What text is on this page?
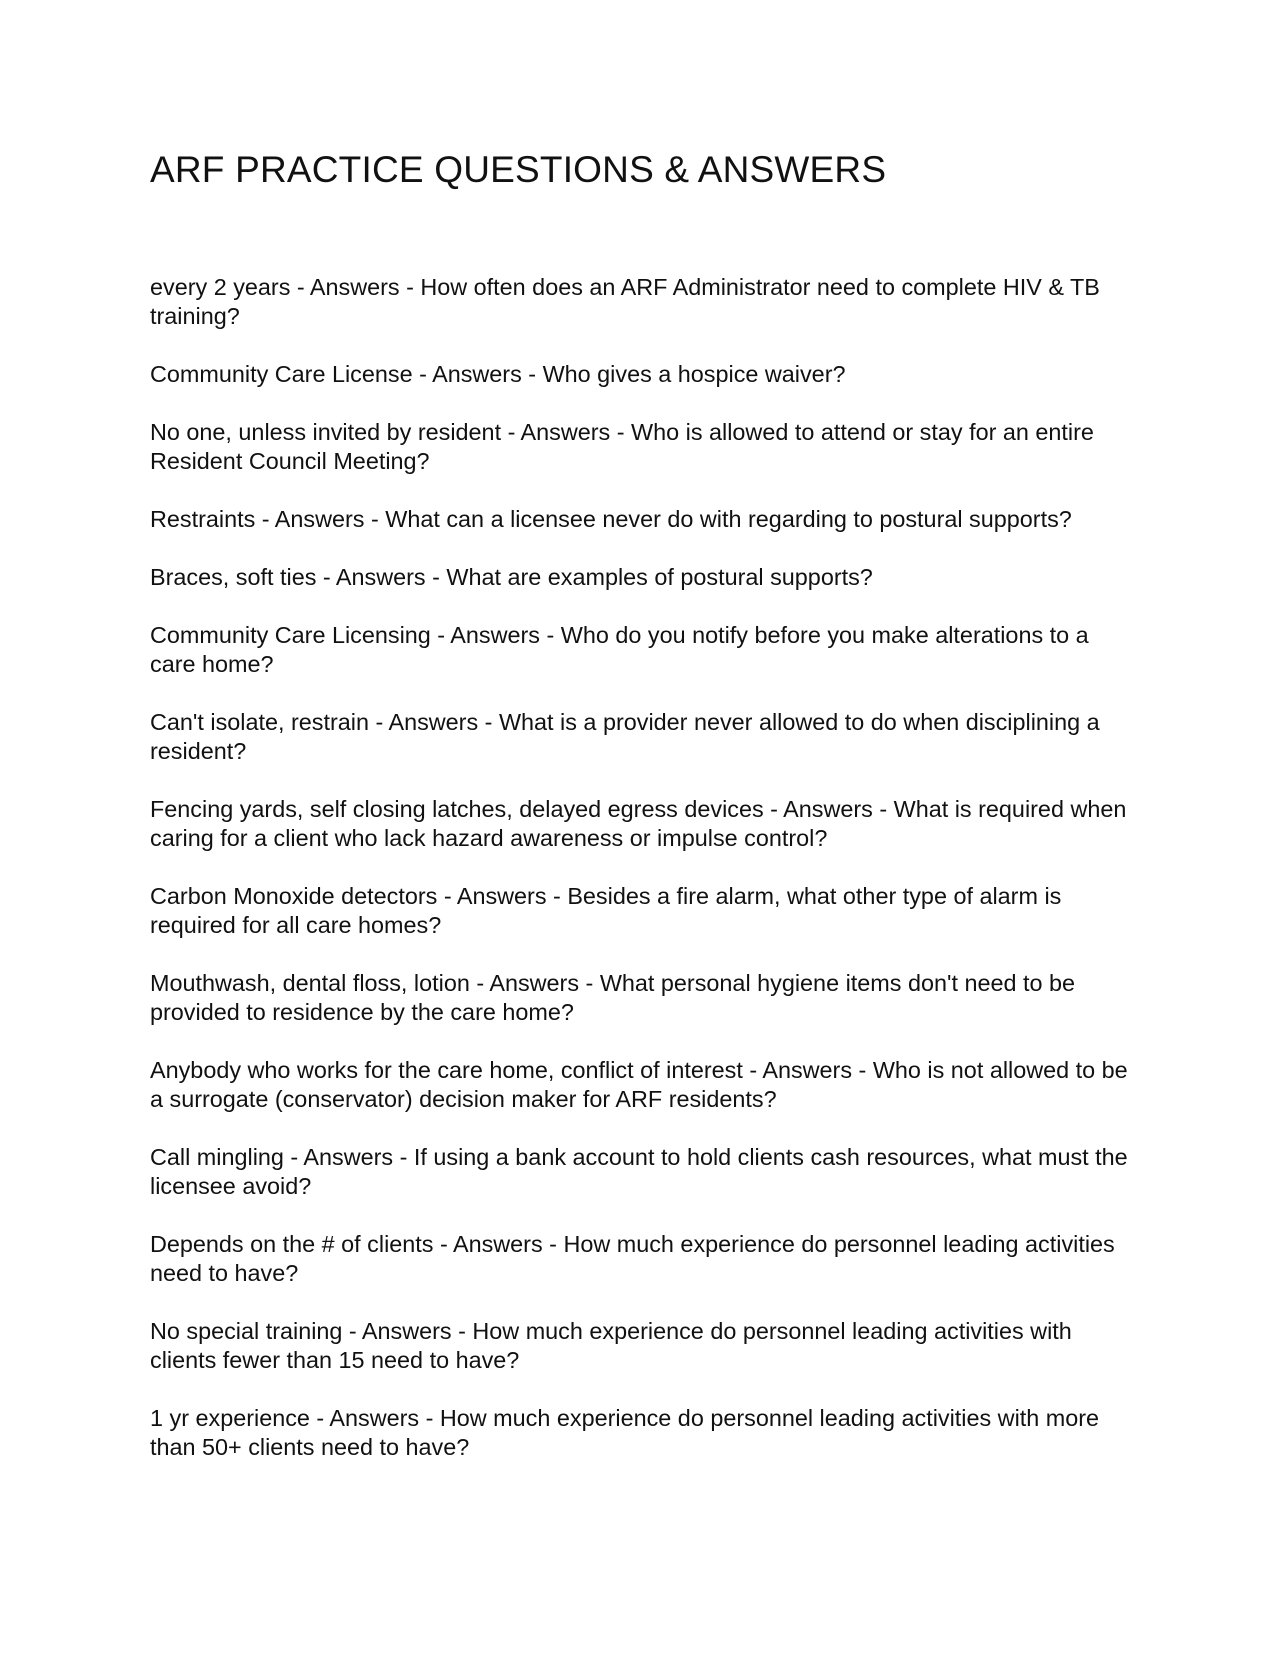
ARF PRACTICE QUESTIONS & ANSWERS
every 2 years - Answers - How often does an ARF Administrator need to complete HIV & TB training?
Community Care License - Answers - Who gives a hospice waiver?
No one, unless invited by resident - Answers - Who is allowed to attend or stay for an entire Resident Council Meeting?
Restraints - Answers - What can a licensee never do with regarding to postural supports?
Braces, soft ties - Answers - What are examples of postural supports?
Community Care Licensing - Answers - Who do you notify before you make alterations to a care home?
Can't isolate, restrain - Answers - What is a provider never allowed to do when disciplining a resident?
Fencing yards, self closing latches, delayed egress devices - Answers - What is required when caring for a client who lack hazard awareness or impulse control?
Carbon Monoxide detectors - Answers - Besides a fire alarm, what other type of alarm is required for all care homes?
Mouthwash, dental floss, lotion - Answers - What personal hygiene items don't need to be provided to residence by the care home?
Anybody who works for the care home, conflict of interest - Answers - Who is not allowed to be a surrogate (conservator) decision maker for ARF residents?
Call mingling - Answers - If using a bank account to hold clients cash resources, what must the licensee avoid?
Depends on the # of clients - Answers - How much experience do personnel leading activities need to have?
No special training - Answers - How much experience do personnel leading activities with clients fewer than 15 need to have?
1 yr experience - Answers - How much experience do personnel leading activities with more than 50+ clients need to have?
